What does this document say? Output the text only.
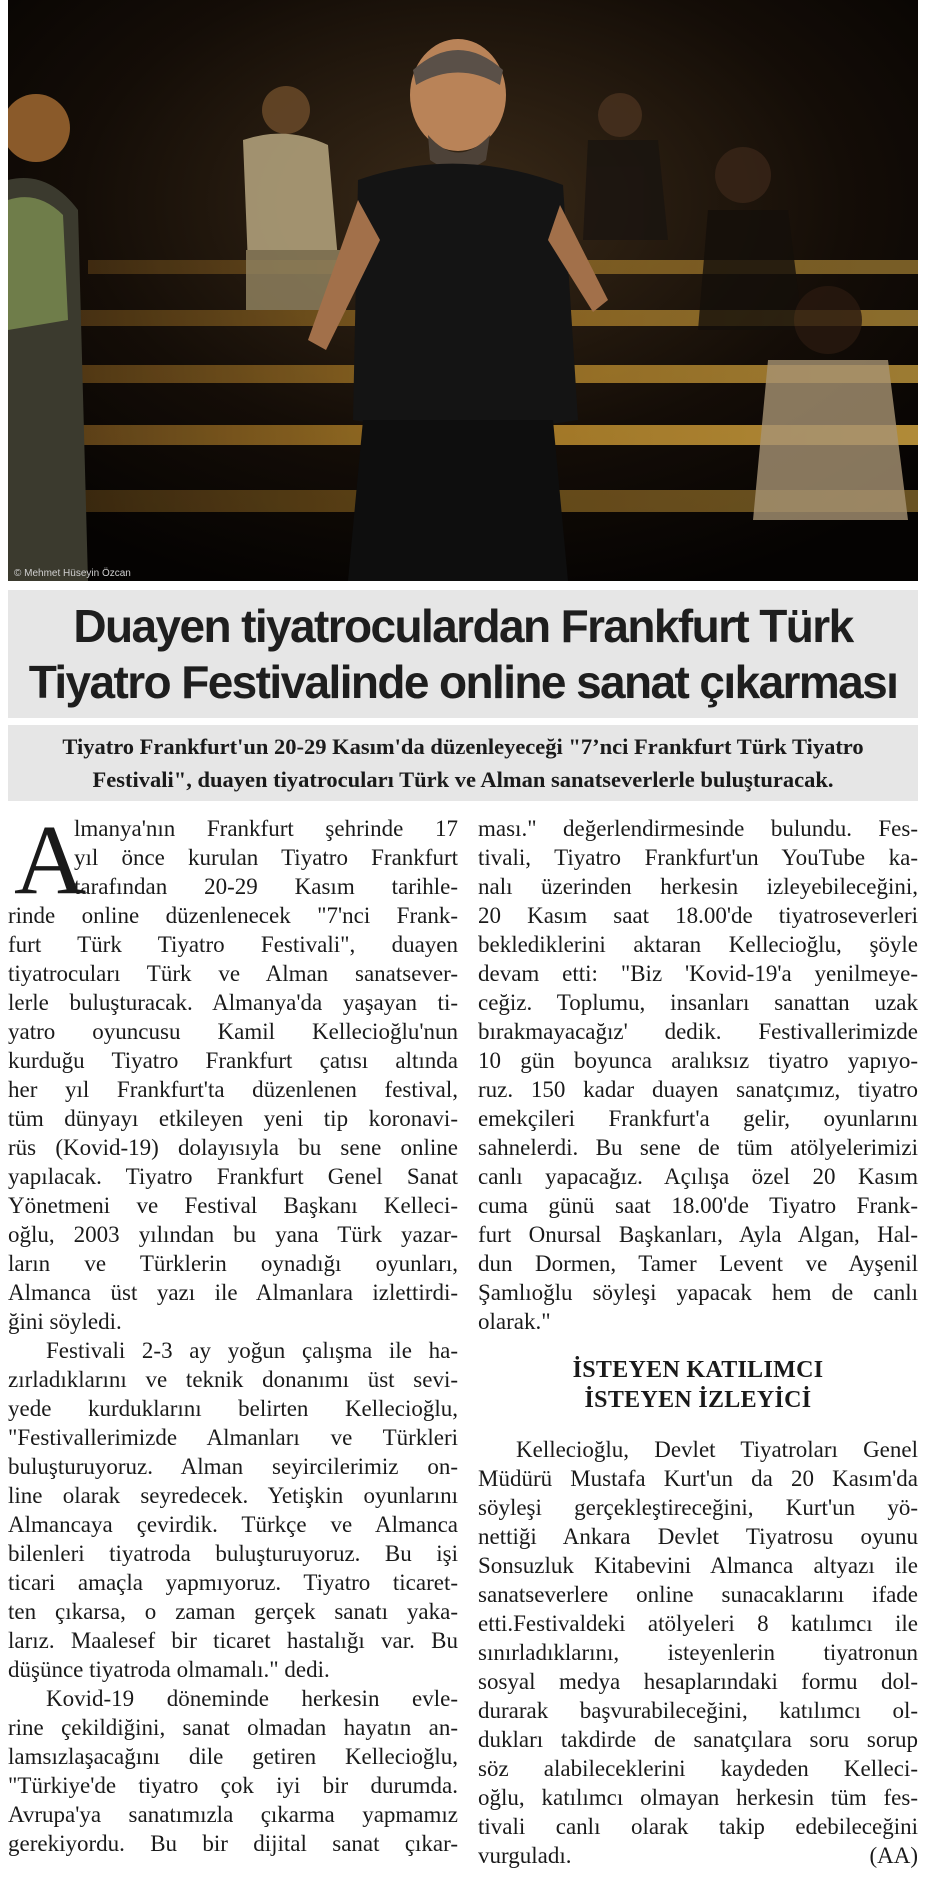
© Mehmet Hüseyin Özcan
Duayen tiyatroculardan Frankfurt Türk
Tiyatro Festivalinde online sanat çıkarması
Tiyatro Frankfurt'un 20-29 Kasım'da düzenleyeceği "7’nci Frankfurt Türk Tiyatro
Festivali", duayen tiyatrocuları Türk ve Alman sanatseverlerle buluşturacak.
A
lmanya'nın Frankfurt şehrinde 17
yıl önce kurulan Tiyatro Frankfurt
tarafından 20-29 Kasım tarihle-
rinde online düzenlenecek "7'nci Frank-
furt Türk Tiyatro Festivali", duayen
tiyatrocuları Türk ve Alman sanatsever-
lerle buluşturacak. Almanya'da yaşayan ti-
yatro oyuncusu Kamil Kellecioğlu'nun
kurduğu Tiyatro Frankfurt çatısı altında
her yıl Frankfurt'ta düzenlenen festival,
tüm dünyayı etkileyen yeni tip koronavi-
rüs (Kovid-19) dolayısıyla bu sene online
yapılacak. Tiyatro Frankfurt Genel Sanat
Yönetmeni ve Festival Başkanı Kelleci-
oğlu, 2003 yılından bu yana Türk yazar-
ların ve Türklerin oynadığı oyunları,
Almanca üst yazı ile Almanlara izlettirdi-
ğini söyledi.
Festivali 2-3 ay yoğun çalışma ile ha-
zırladıklarını ve teknik donanımı üst sevi-
yede kurduklarını belirten Kellecioğlu,
"Festivallerimizde Almanları ve Türkleri
buluşturuyoruz. Alman seyircilerimiz on-
line olarak seyredecek. Yetişkin oyunlarını
Almancaya çevirdik. Türkçe ve Almanca
bilenleri tiyatroda buluşturuyoruz. Bu işi
ticari amaçla yapmıyoruz. Tiyatro ticaret-
ten çıkarsa, o zaman gerçek sanatı yaka-
larız. Maalesef bir ticaret hastalığı var. Bu
düşünce tiyatroda olmamalı." dedi.
Kovid-19 döneminde herkesin evle-
rine çekildiğini, sanat olmadan hayatın an-
lamsızlaşacağını dile getiren Kellecioğlu,
"Türkiye'de tiyatro çok iyi bir durumda.
Avrupa'ya sanatımızla çıkarma yapmamız
gerekiyordu. Bu bir dijital sanat çıkar-
ması." değerlendirmesinde bulundu. Fes-
tivali, Tiyatro Frankfurt'un YouTube ka-
nalı üzerinden herkesin izleyebileceğini,
20 Kasım saat 18.00'de tiyatroseverleri
beklediklerini aktaran Kellecioğlu, şöyle
devam etti: "Biz 'Kovid-19'a yenilmeye-
ceğiz. Toplumu, insanları sanattan uzak
bırakmayacağız' dedik. Festivallerimizde
10 gün boyunca aralıksız tiyatro yapıyo-
ruz. 150 kadar duayen sanatçımız, tiyatro
emekçileri Frankfurt'a gelir, oyunlarını
sahnelerdi. Bu sene de tüm atölyelerimizi
canlı yapacağız. Açılışa özel 20 Kasım
cuma günü saat 18.00'de Tiyatro Frank-
furt Onursal Başkanları, Ayla Algan, Hal-
dun Dormen, Tamer Levent ve Ayşenil
Şamlıoğlu söyleşi yapacak hem de canlı
olarak."
İSTEYEN KATILIMCI
İSTEYEN İZLEYİCİ
Kellecioğlu, Devlet Tiyatroları Genel
Müdürü Mustafa Kurt'un da 20 Kasım'da
söyleşi gerçekleştireceğini, Kurt'un yö-
nettiği Ankara Devlet Tiyatrosu oyunu
Sonsuzluk Kitabevini Almanca altyazı ile
sanatseverlere online sunacaklarını ifade
etti.Festivaldeki atölyeleri 8 katılımcı ile
sınırladıklarını, isteyenlerin tiyatronun
sosyal medya hesaplarındaki formu dol-
durarak başvurabileceğini, katılımcı ol-
dukları takdirde de sanatçılara soru sorup
söz alabileceklerini kaydeden Kelleci-
oğlu, katılımcı olmayan herkesin tüm fes-
tivali canlı olarak takip edebileceğini
vurguladı.	(AA)
